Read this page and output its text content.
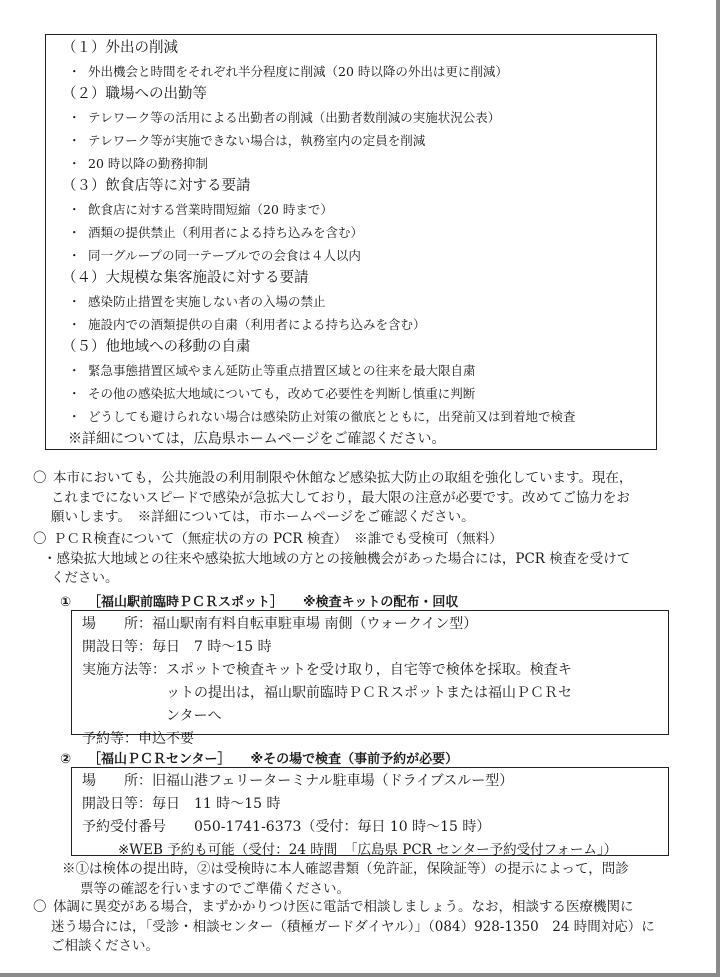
（１）外出の削減
・ 外出機会と時間をそれぞれ半分程度に削減（20 時以降の外出は更に削減）
（２）職場への出勤等
・ テレワーク等の活用による出勤者の削減（出勤者数削減の実施状況公表）
・ テレワーク等が実施できない場合は，執務室内の定員を削減
・ 20 時以降の勤務抑制
（３）飲食店等に対する要請
・ 飲食店に対する営業時間短縮（20 時まで）
・ 酒類の提供禁止（利用者による持ち込みを含む）
・ 同一グループの同一テーブルでの会食は４人以内
（４）大規模な集客施設に対する要請
・ 感染防止措置を実施しない者の入場の禁止
・ 施設内での酒類提供の自粛（利用者による持ち込みを含む）
（５）他地域への移動の自粛
・ 緊急事態措置区域やまん延防止等重点措置区域との往来を最大限自粛
・ その他の感染拡大地域についても，改めて必要性を判断し慎重に判断
・ どうしても避けられない場合は感染防止対策の徹底とともに，出発前又は到着地で検査
※詳細については，広島県ホームページをご確認ください。
〇 本市においても，公共施設の利用制限や休館など感染拡大防止の取組を強化しています。現在，
これまでにないスピードで感染が急拡大しており，最大限の注意が必要です。改めてご協力をお
願いします。　※詳細については，市ホームページをご確認ください。
〇 ＰＣＲ検査について（無症状の方の PCR 検査）　※誰でも受検可（無料）
・感染拡大地域との往来や感染拡大地域の方との接触機会があった場合には，PCR 検査を受けて
ください。
① ［福山駅前臨時ＰＣＲスポット］ ※検査キットの配布・回収
場　　所： 福山駅南有料自転車駐車場 南側（ウォークイン型）
開設日等： 毎日　7 時～15 時
実施方法等： スポットで検査キットを受け取り，自宅等で検体を採取。検査キットの提出は，福山駅前臨時ＰＣＲスポットまたは福山ＰＣＲセンターへ
予約等： 申込不要
② ［福山ＰＣＲセンター］ ※その場で検査（事前予約が必要）
場　　所： 旧福山港フェリーターミナル駐車場（ドライブスルー型）
開設日等： 毎日　11 時～15 時
予約受付番号	050-1741-6373（受付：毎日 10 時～15 時）
※WEB 予約も可能（受付：24 時間　「広島県 PCR センター予約受付フォーム」）
※①は検体の提出時，②は受検時に本人確認書類（免許証，保険証等）の提示によって，問診
票等の確認を行いますのでご準備ください。
〇 体調に異変がある場合，まずかかりつけ医に電話で相談しましょう。なお，相談する医療機関に
迷う場合には，「受診・相談センター（積極ガードダイヤル）」（084）928-1350　24 時間対応）に
ご相談ください。
